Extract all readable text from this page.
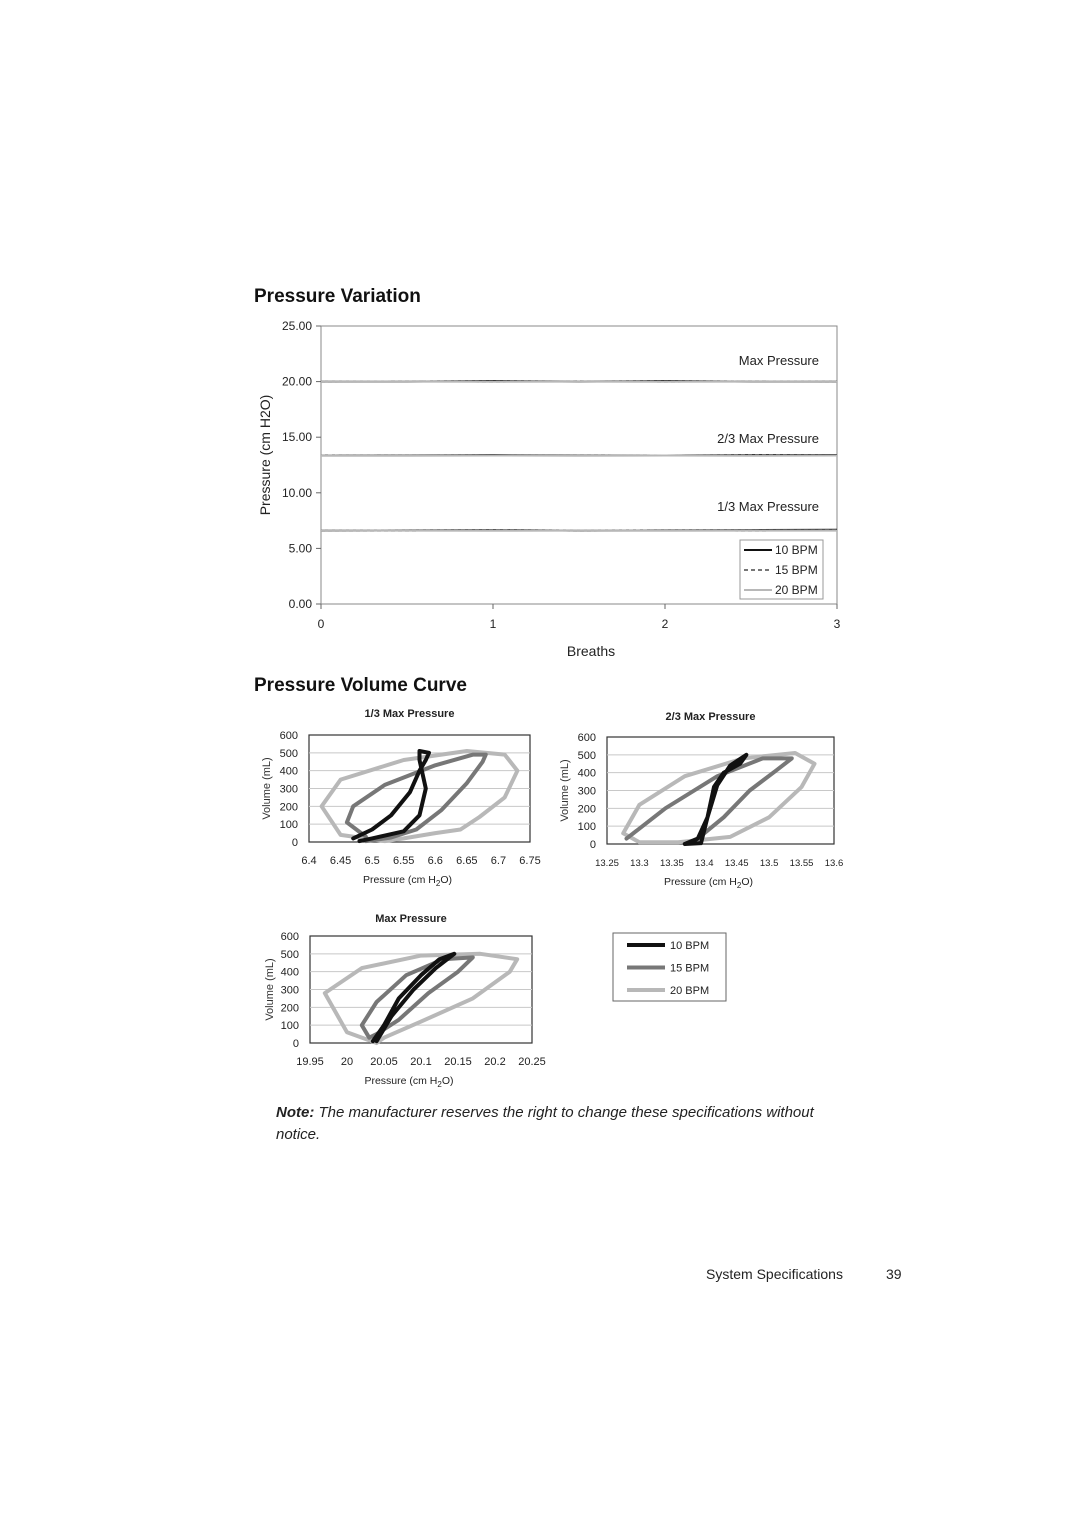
Pressure Variation
0.00
5.00
10.00
15.00
20.00
25.00
0	1	2	3
Breaths
Pressure (cm H2O)
Max Pressure
2/3 Max Pressure
1/3 Max Pressure
10 BPM
15 BPM
20 BPM
Pressure Volume Curve
1/3 Max Pressure
0
100
200
300
400
500
600
6.4 6.45 6.5 6.55 6.6 6.65 6.7 6.75
Pressure (cm $H_2O$)
Volume (mL)
2/3 Max Pressure
0
100
200
300
400
500
600
13.25 13.3 13.35 13.4 13.45 13.5 13.55 13.6
Pressure (cm $H_2O$)
Volume (mL)
Max Pressure
0
100
200
300
400
500
600
19.95 20 20.05 20.1 20.15 20.2 20.25
Pressure (cm $H_2O$)
Volume (mL)
10 BPM
15 BPM
20 BPM
Note: The manufacturer reserves the right to change these specifications without notice.
System Specifications	39
